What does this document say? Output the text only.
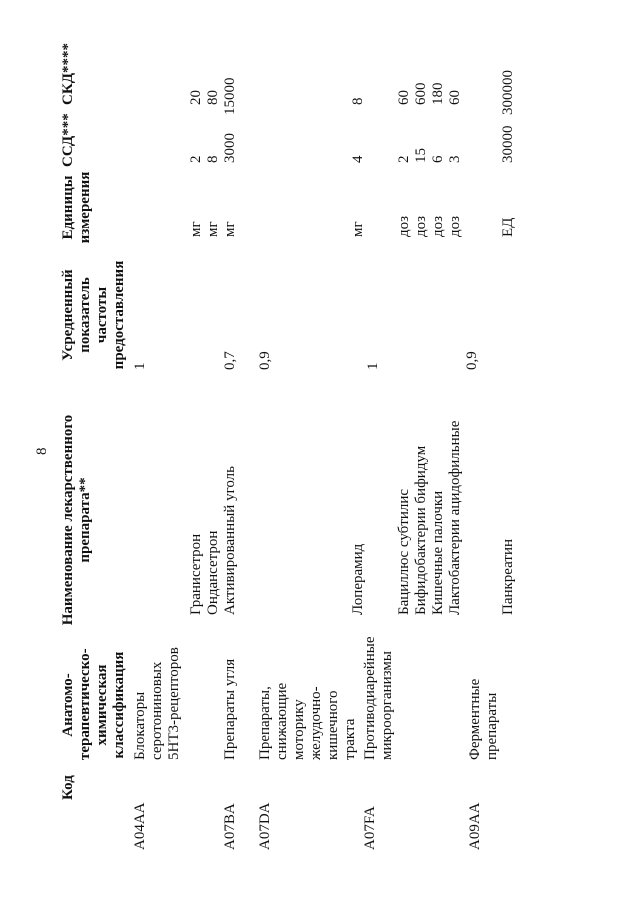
8
Код
Анатомо-терапевтическо-химическая классификация
Наименование лекарственного препарата**
Усредненный показатель частоты предоставления
Единицы измерения
ССД***
СКД****
A04AA
Блокаторы серотониновых 5HT3-рецепторов
1
Гранисетрон Ондансетрон
мг мг
2 8
20 80
A07BA
Препараты угля
Активированный уголь
0,7
мг
3000
15000
A07DA
Препараты, снижающие моторику желудочно-кишечного тракта
0,9
Лоперамид
1
мг
4
8
A07FA
Противодиарейные микроорганизмы
Бациллюс субтилис Бифидобактерии бифидум Кишечные палочки Лактобактерии ацидофильные
0,9
доз доз доз доз
2 15 6 3
60 600 180 60
A09AA
Ферментные препараты
Панкреатин
ЕД
30000
300000
